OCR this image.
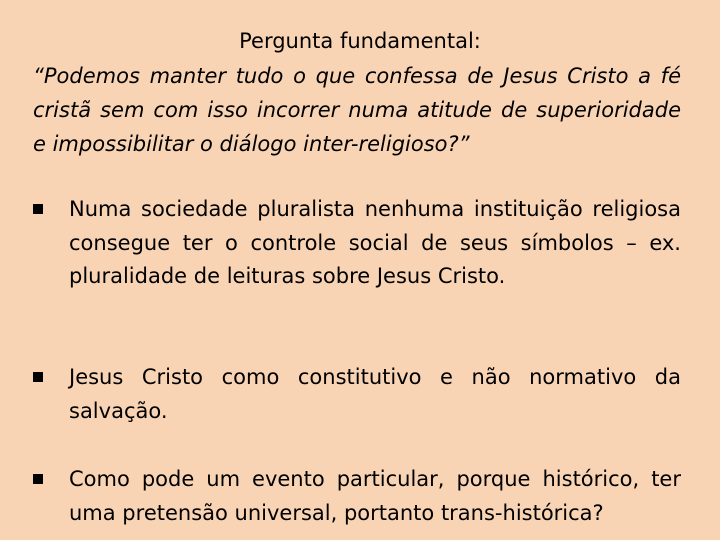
Pergunta fundamental:

“Podemos manter tudo o que confessa de Jesus Cristo a fé cristã sem com isso incorrer numa atitude de superioridade e impossibilitar o diálogo inter-religioso?”

Numa sociedade pluralista nenhuma instituição religiosa consegue ter o controle social de seus símbolos – ex. pluralidade de leituras sobre Jesus Cristo.
Jesus Cristo como constitutivo e não normativo da salvação.
Como pode um evento particular, porque histórico, ter uma pretensão universal, portanto trans-histórica?
